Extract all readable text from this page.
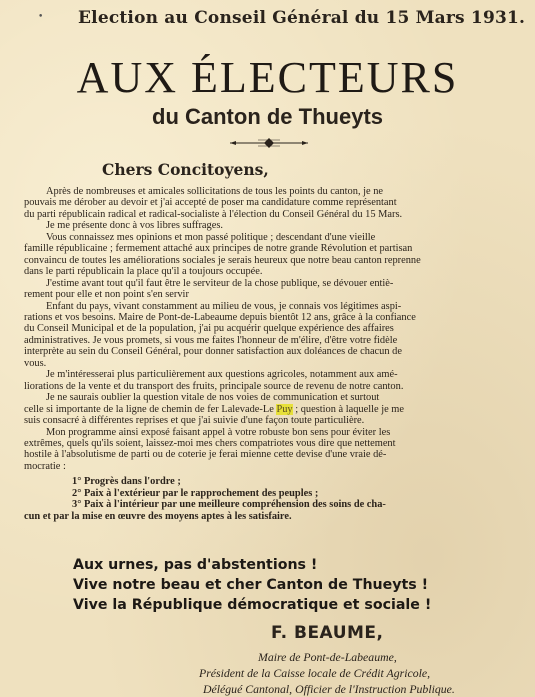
• Election au Conseil Général du 15 Mars 1931.
AUX ÉLECTEURS
du Canton de Thueyts
Chers Concitoyens,
Après de nombreuses et amicales sollicitations de tous les points du canton, je ne
pouvais me dérober au devoir et j'ai accepté de poser ma candidature comme représentant
du parti républicain radical et radical-socialiste à l'élection du Conseil Général du 15 Mars.
Je me présente donc à vos libres suffrages.
Vous connaissez mes opinions et mon passé politique ; descendant d'une vieille
famille républicaine ; fermement attaché aux principes de notre grande Révolution et partisan
convaincu de toutes les améliorations sociales je serais heureux que notre beau canton reprenne
dans le parti républicain la place qu'il a toujours occupée.
J'estime avant tout qu'il faut être le serviteur de la chose publique, se dévouer entiè-
rement pour elle et non point s'en servir
Enfant du pays, vivant constamment au milieu de vous, je connais vos légitimes aspi-
rations et vos besoins. Maire de Pont-de-Labeaume depuis bientôt 12 ans, grâce à la confiance
du Conseil Municipal et de la population, j'ai pu acquérir quelque expérience des affaires
administratives. Je vous promets, si vous me faites l'honneur de m'élire, d'être votre fidèle
interprète au sein du Conseil Général, pour donner satisfaction aux doléances de chacun de
vous.
Je m'intéresserai plus particulièrement aux questions agricoles, notamment aux amé-
liorations de la vente et du transport des fruits, principale source de revenu de notre canton.
Je ne saurais oublier la question vitale de nos voies de communication et surtout
celle si importante de la ligne de chemin de fer Lalevade-Le Puy ; question à laquelle je me
suis consacré à différentes reprises et que j'ai suivie d'une façon toute particulière.
Mon programme ainsi exposé faisant appel à votre robuste bon sens pour éviter les
extrêmes, quels qu'ils soient, laissez-moi mes chers compatriotes vous dire que nettement
hostile à l'absolutisme de parti ou de coterie je ferai mienne cette devise d'une vraie dé-
mocratie :
1° Progrès dans l'ordre ;
2° Paix à l'extérieur par le rapprochement des peuples ;
3° Paix à l'intérieur par une meilleure compréhension des soins de cha-
cun et par la mise en œuvre des moyens aptes à les satisfaire.
Aux urnes, pas d'abstentions !
Vive notre beau et cher Canton de Thueyts !
Vive la République démocratique et sociale !
F. BEAUME,
Maire de Pont-de-Labeaume,
Président de la Caisse locale de Crédit Agricole,
Délégué Cantonal, Officier de l'Instruction Publique.
